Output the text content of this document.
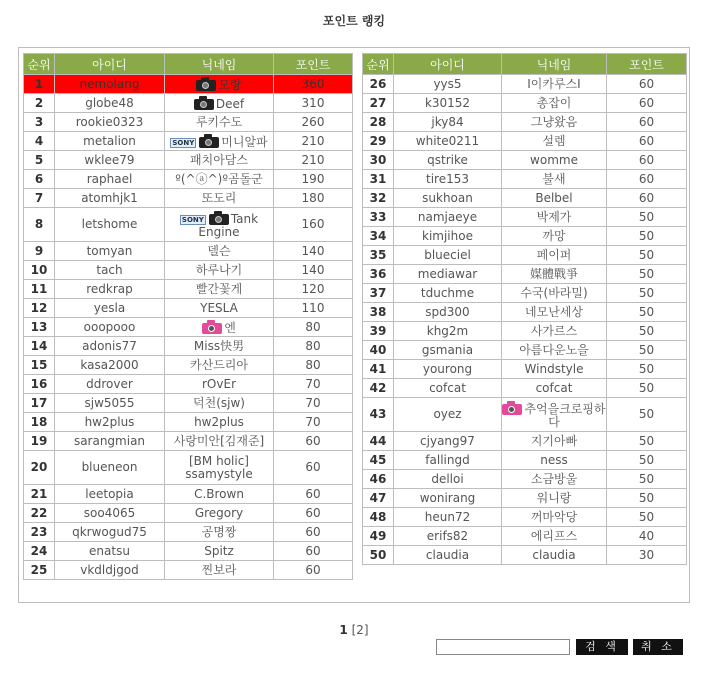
포인트 랭킹
순위	아이디	닉네임	포인트
1	nemolang	모랑	360
2	globe48	Deef	310
3	rookie0323	루키수도	260
4	metalion	SONY 미니알파	210
5	wklee79	패치아담스	210
6	raphael	º(^ⓐ^)º곰돌군	190
7	atomhjk1	또도리	180
8	letshome	SONY Tank Engine	160
9	tomyan	델슨	140
10	tach	하루나기	140
11	redkrap	빨간꽃게	120
12	yesla	YESLA	110
13	ooopooo	엔	80
14	adonis77	Miss快男	80
15	kasa2000	카산드리아	80
16	ddrover	rOvEr	70
17	sjw5055	덕천(sjw)	70
18	hw2plus	hw2plus	70
19	sarangmian	사랑미안[김재준]	60
20	blueneon	[BM holic] ssamystyle	60
21	leetopia	C.Brown	60
22	soo4065	Gregory	60
23	qkrwogud75	공명짱	60
24	enatsu	Spitz	60
25	vkdldjgod	찐보라	60
순위	아이디	닉네임	포인트
26	yys5	I이카루스I	60
27	k30152	총잡이	60
28	jky84	그냥왔음	60
29	white0211	설렘	60
30	qstrike	womme	60
31	tire153	불새	60
32	sukhoan	Belbel	60
33	namjaeye	박제가	50
34	kimjihoe	까망	50
35	blueciel	페이퍼	50
36	mediawar	媒體戰爭	50
37	tduchme	수국(바라밀)	50
38	spd300	네모난세상	50
39	khg2m	사가르스	50
40	gsmania	아름다운노을	50
41	yourong	Windstyle	50
42	cofcat	cofcat	50
43	oyez	추억을크로핑하다	50
44	cjyang97	지기아빠	50
45	fallingd	ness	50
46	delloi	소금방울	50
47	wonirang	워니랑	50
48	heun72	꺼마악당	50
49	erifs82	에리프스	40
50	claudia	claudia	30
1 [2]
검 색	취 소
